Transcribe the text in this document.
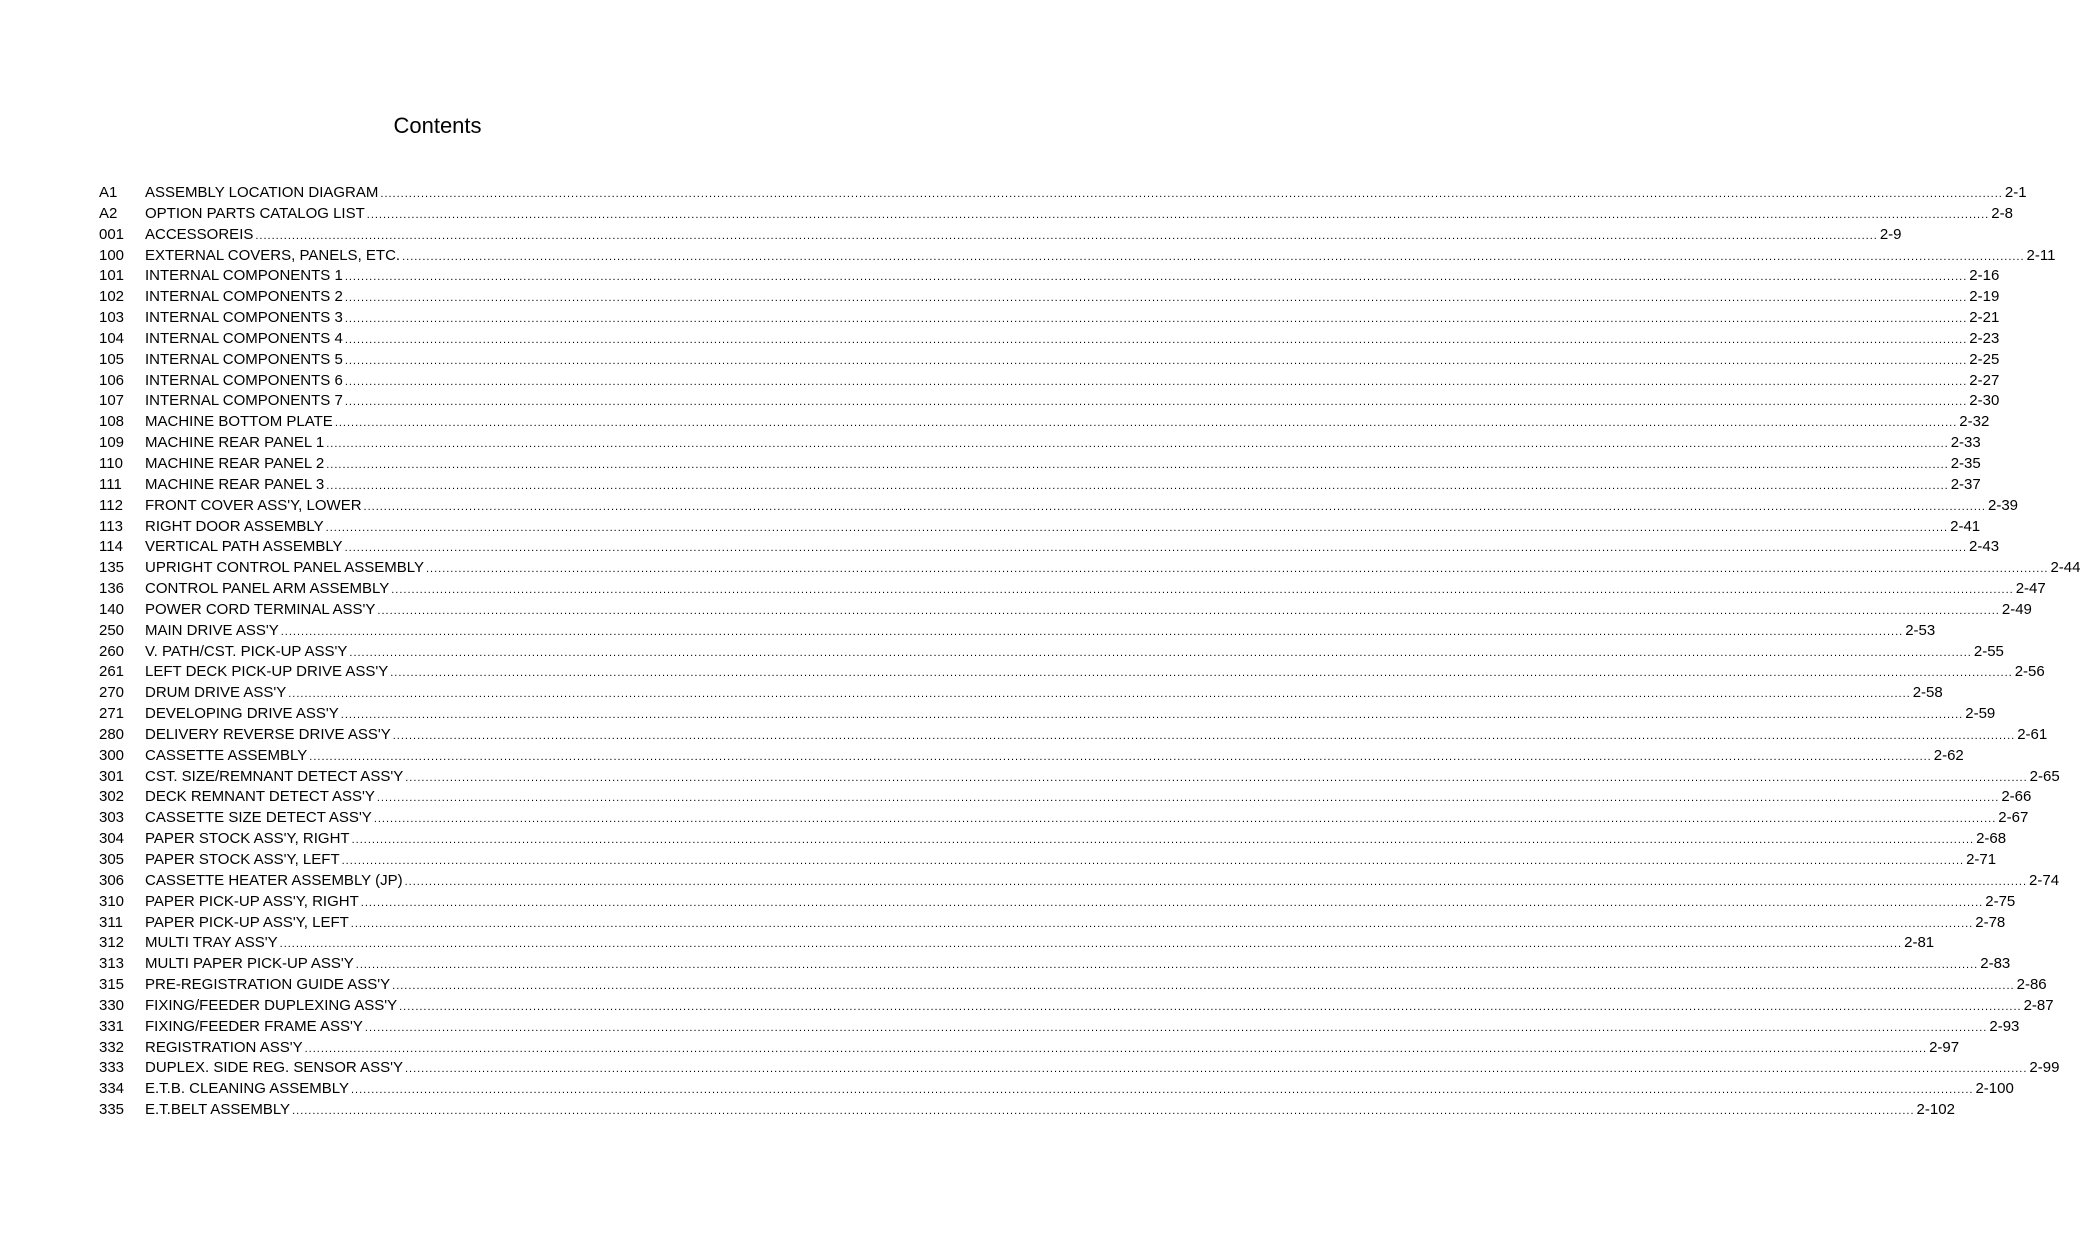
Contents
A1	ASSEMBLY LOCATION DIAGRAM ................................................................................................................................................................................................................................................................................................................................................................................................................ 2-1
A2	OPTION PARTS CATALOG LIST ................................................................................................................................................................................................................................................................................................................................................................................................................ 2-8
001	ACCESSOREIS ................................................................................................................................................................................................................................................................................................................................................................................................................ 2-9
100	EXTERNAL COVERS, PANELS, ETC. ................................................................................................................................................................................................................................................................................................................................................................................................................ 2-11
101	INTERNAL COMPONENTS 1 ................................................................................................................................................................................................................................................................................................................................................................................................................ 2-16
102	INTERNAL COMPONENTS 2 ................................................................................................................................................................................................................................................................................................................................................................................................................ 2-19
103	INTERNAL COMPONENTS 3 ................................................................................................................................................................................................................................................................................................................................................................................................................ 2-21
104	INTERNAL COMPONENTS 4 ................................................................................................................................................................................................................................................................................................................................................................................................................ 2-23
105	INTERNAL COMPONENTS 5 ................................................................................................................................................................................................................................................................................................................................................................................................................ 2-25
106	INTERNAL COMPONENTS 6 ................................................................................................................................................................................................................................................................................................................................................................................................................ 2-27
107	INTERNAL COMPONENTS 7 ................................................................................................................................................................................................................................................................................................................................................................................................................ 2-30
108	MACHINE BOTTOM PLATE ................................................................................................................................................................................................................................................................................................................................................................................................................ 2-32
109	MACHINE REAR PANEL 1 ................................................................................................................................................................................................................................................................................................................................................................................................................ 2-33
110	MACHINE REAR PANEL 2 ................................................................................................................................................................................................................................................................................................................................................................................................................ 2-35
111	MACHINE REAR PANEL 3 ................................................................................................................................................................................................................................................................................................................................................................................................................ 2-37
112	FRONT COVER ASS'Y, LOWER ................................................................................................................................................................................................................................................................................................................................................................................................................ 2-39
113	RIGHT DOOR ASSEMBLY ................................................................................................................................................................................................................................................................................................................................................................................................................ 2-41
114	VERTICAL PATH ASSEMBLY ................................................................................................................................................................................................................................................................................................................................................................................................................ 2-43
135	UPRIGHT CONTROL PANEL ASSEMBLY ................................................................................................................................................................................................................................................................................................................................................................................................................ 2-44
136	CONTROL PANEL ARM ASSEMBLY ................................................................................................................................................................................................................................................................................................................................................................................................................ 2-47
140	POWER CORD TERMINAL ASS'Y ................................................................................................................................................................................................................................................................................................................................................................................................................ 2-49
250	MAIN DRIVE ASS'Y ................................................................................................................................................................................................................................................................................................................................................................................................................ 2-53
260	V. PATH/CST. PICK-UP ASS'Y ................................................................................................................................................................................................................................................................................................................................................................................................................ 2-55
261	LEFT DECK PICK-UP DRIVE ASS'Y ................................................................................................................................................................................................................................................................................................................................................................................................................ 2-56
270	DRUM DRIVE ASS'Y ................................................................................................................................................................................................................................................................................................................................................................................................................ 2-58
271	DEVELOPING DRIVE ASS'Y ................................................................................................................................................................................................................................................................................................................................................................................................................ 2-59
280	DELIVERY REVERSE DRIVE ASS'Y ................................................................................................................................................................................................................................................................................................................................................................................................................ 2-61
300	CASSETTE ASSEMBLY ................................................................................................................................................................................................................................................................................................................................................................................................................ 2-62
301	CST. SIZE/REMNANT DETECT ASS'Y ................................................................................................................................................................................................................................................................................................................................................................................................................ 2-65
302	DECK REMNANT DETECT ASS'Y ................................................................................................................................................................................................................................................................................................................................................................................................................ 2-66
303	CASSETTE SIZE DETECT ASS'Y ................................................................................................................................................................................................................................................................................................................................................................................................................ 2-67
304	PAPER STOCK ASS'Y, RIGHT ................................................................................................................................................................................................................................................................................................................................................................................................................ 2-68
305	PAPER STOCK ASS'Y, LEFT ................................................................................................................................................................................................................................................................................................................................................................................................................ 2-71
306	CASSETTE HEATER ASSEMBLY (JP) ................................................................................................................................................................................................................................................................................................................................................................................................................ 2-74
310	PAPER PICK-UP ASS'Y, RIGHT ................................................................................................................................................................................................................................................................................................................................................................................................................ 2-75
311	PAPER PICK-UP ASS'Y, LEFT ................................................................................................................................................................................................................................................................................................................................................................................................................ 2-78
312	MULTI TRAY ASS'Y ................................................................................................................................................................................................................................................................................................................................................................................................................ 2-81
313	MULTI PAPER PICK-UP ASS'Y ................................................................................................................................................................................................................................................................................................................................................................................................................ 2-83
315	PRE-REGISTRATION GUIDE ASS'Y ................................................................................................................................................................................................................................................................................................................................................................................................................ 2-86
330	FIXING/FEEDER DUPLEXING ASS'Y ................................................................................................................................................................................................................................................................................................................................................................................................................ 2-87
331	FIXING/FEEDER FRAME ASS'Y ................................................................................................................................................................................................................................................................................................................................................................................................................ 2-93
332	REGISTRATION ASS'Y ................................................................................................................................................................................................................................................................................................................................................................................................................ 2-97
333	DUPLEX. SIDE REG. SENSOR ASS'Y ................................................................................................................................................................................................................................................................................................................................................................................................................ 2-99
334	E.T.B. CLEANING ASSEMBLY ................................................................................................................................................................................................................................................................................................................................................................................................................ 2-100
335	E.T.BELT ASSEMBLY ................................................................................................................................................................................................................................................................................................................................................................................................................ 2-102
